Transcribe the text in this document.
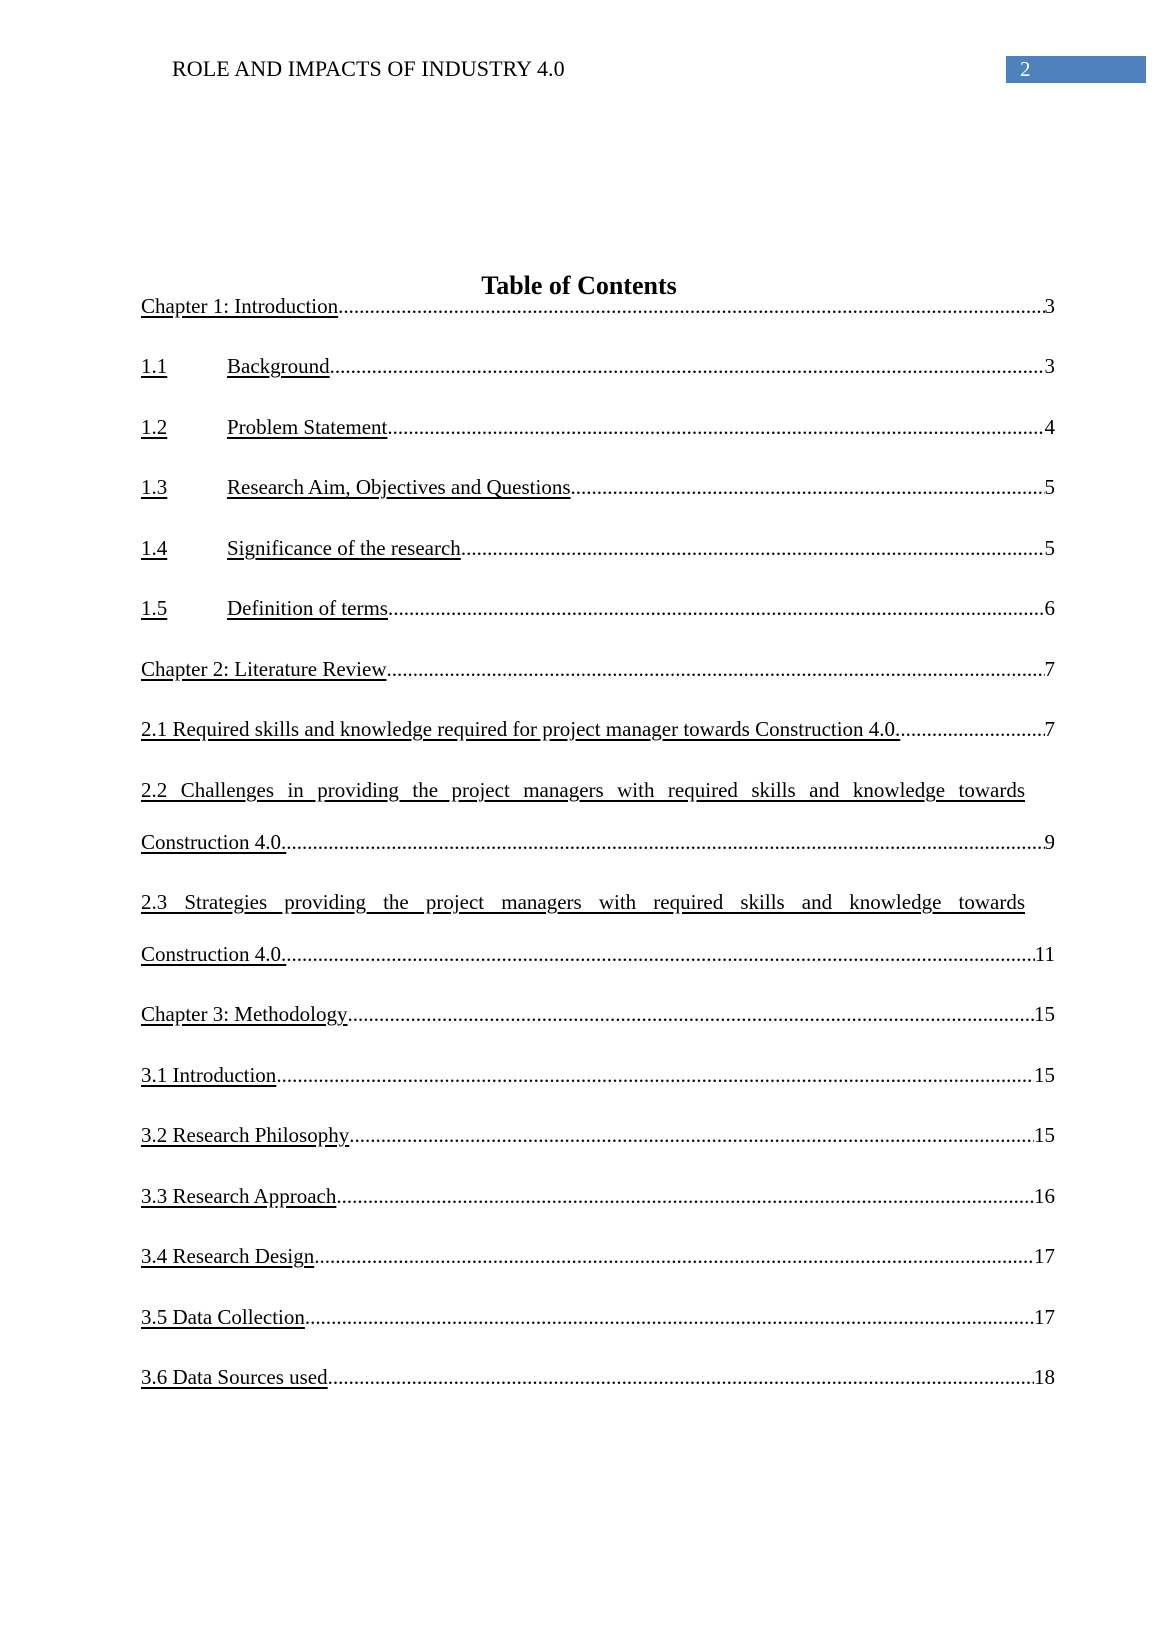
ROLE AND IMPACTS OF INDUSTRY 4.0	2
Table of Contents
Chapter 1: Introduction .....	3
1.1	Background .....	3
1.2	Problem Statement .....	4
1.3	Research Aim, Objectives and Questions .....	5
1.4	Significance of the research .....	5
1.5	Definition of terms .....	6
Chapter 2: Literature Review .....	7
2.1 Required skills and knowledge required for project manager towards Construction 4.0. .....	7
2.2 Challenges in providing the project managers with required skills and knowledge towards
Construction 4.0. .....	9
2.3 Strategies providing the project managers with required skills and knowledge towards
Construction 4.0. .....	11
Chapter 3: Methodology .....	15
3.1 Introduction .....	15
3.2 Research Philosophy .....	15
3.3 Research Approach .....	16
3.4 Research Design .....	17
3.5 Data Collection .....	17
3.6 Data Sources used .....	18
